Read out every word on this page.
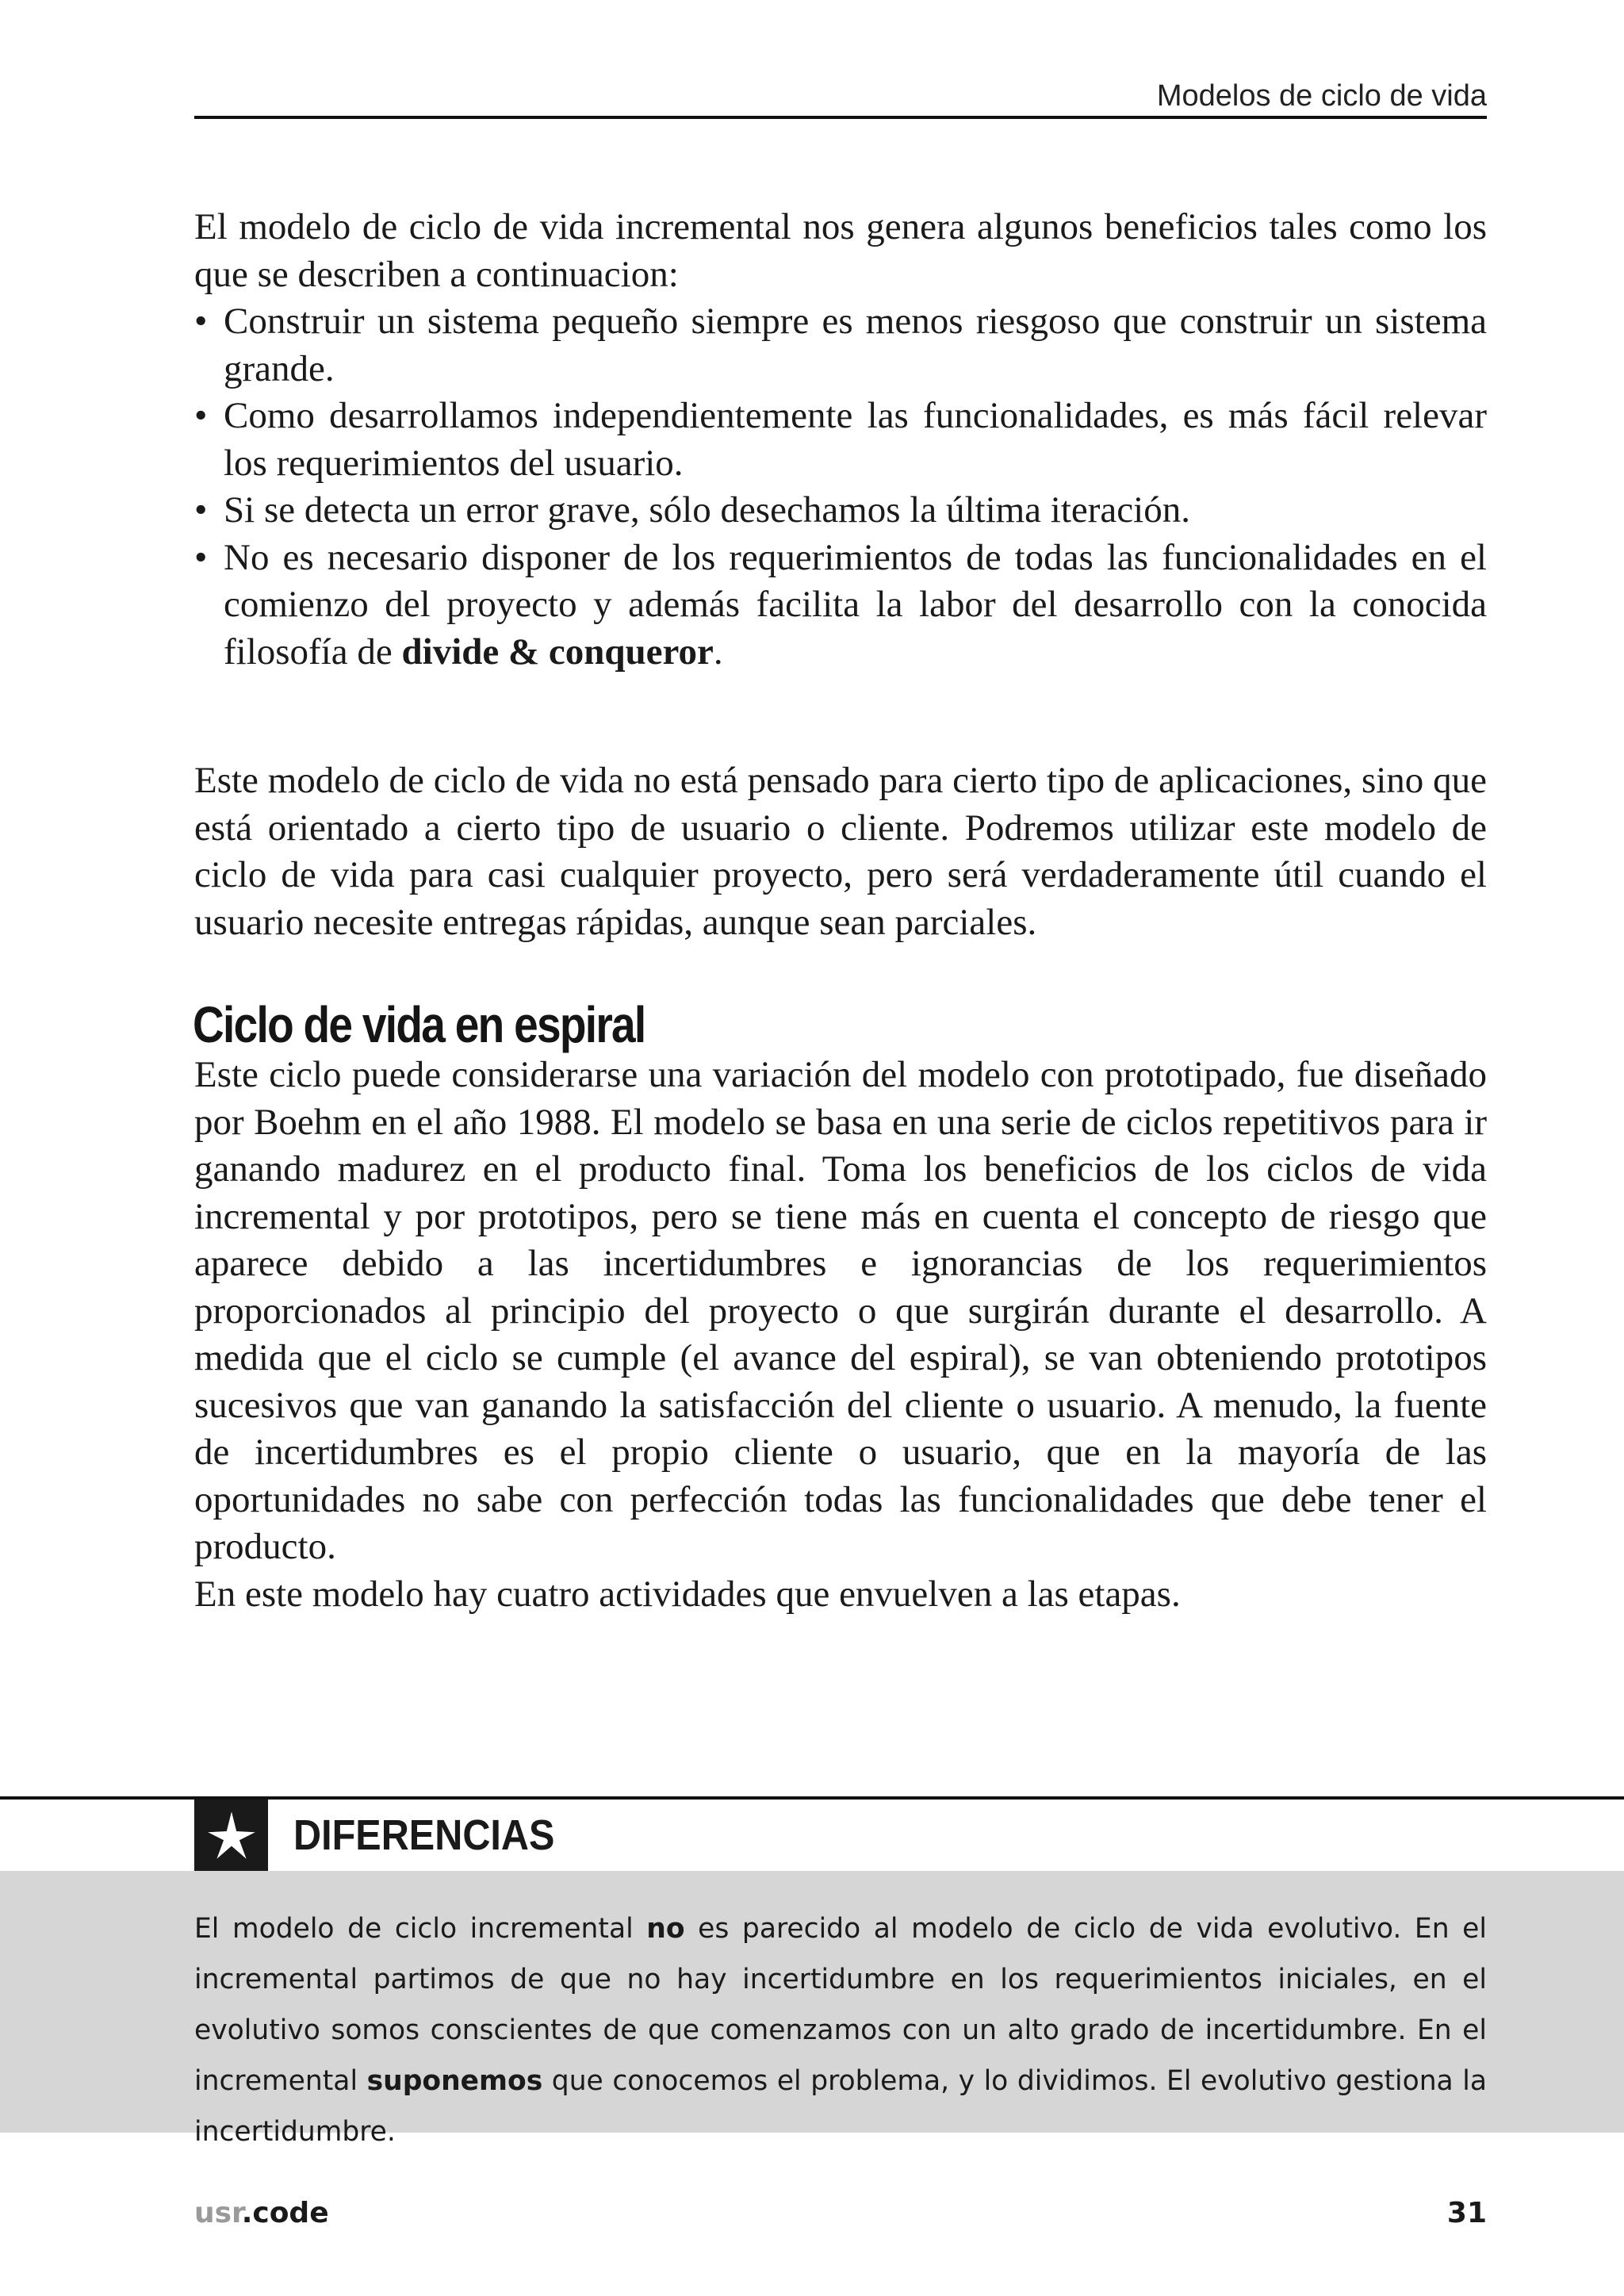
Modelos de ciclo de vida

El modelo de ciclo de vida incremental nos genera algunos beneficios tales como los que se describen a continuacion:

• Construir un sistema pequeño siempre es menos riesgoso que construir un sistema grande.
• Como desarrollamos independientemente las funcionalidades, es más fácil relevar los requerimientos del usuario.
• Si se detecta un error grave, sólo desechamos la última iteración.
• No es necesario disponer de los requerimientos de todas las funcionalidades en el comienzo del proyecto y además facilita la labor del desarrollo con la conocida filosofía de divide & conqueror.

Este modelo de ciclo de vida no está pensado para cierto tipo de aplicaciones, sino que está orientado a cierto tipo de usuario o cliente. Podremos utilizar este modelo de ciclo de vida para casi cualquier proyecto, pero será verdaderamente útil cuando el usuario necesite entregas rápidas, aunque sean parciales.

Ciclo de vida en espiral

Este ciclo puede considerarse una variación del modelo con prototipado, fue diseñado por Boehm en el año 1988. El modelo se basa en una serie de ciclos repetitivos para ir ganando madurez en el producto final. Toma los beneficios de los ciclos de vida incremental y por prototipos, pero se tiene más en cuenta el concepto de riesgo que aparece debido a las incertidumbres e ignorancias de los requerimientos proporcionados al principio del proyecto o que surgirán durante el desarrollo. A medida que el ciclo se cumple (el avance del espiral), se van obteniendo prototipos sucesivos que van ganando la satisfacción del cliente o usuario. A menudo, la fuente de incertidumbres es el propio cliente o usuario, que en la mayoría de las oportunidades no sabe con perfección todas las funcionalidades que debe tener el producto.

En este modelo hay cuatro actividades que envuelven a las etapas.

DIFERENCIAS

El modelo de ciclo incremental no es parecido al modelo de ciclo de vida evolutivo. En el incremental partimos de que no hay incertidumbre en los requerimientos iniciales, en el evolutivo somos conscientes de que comenzamos con un alto grado de incertidumbre. En el incremental suponemos que conocemos el problema, y lo dividimos. El evolutivo gestiona la incertidumbre.

usr.code	31
